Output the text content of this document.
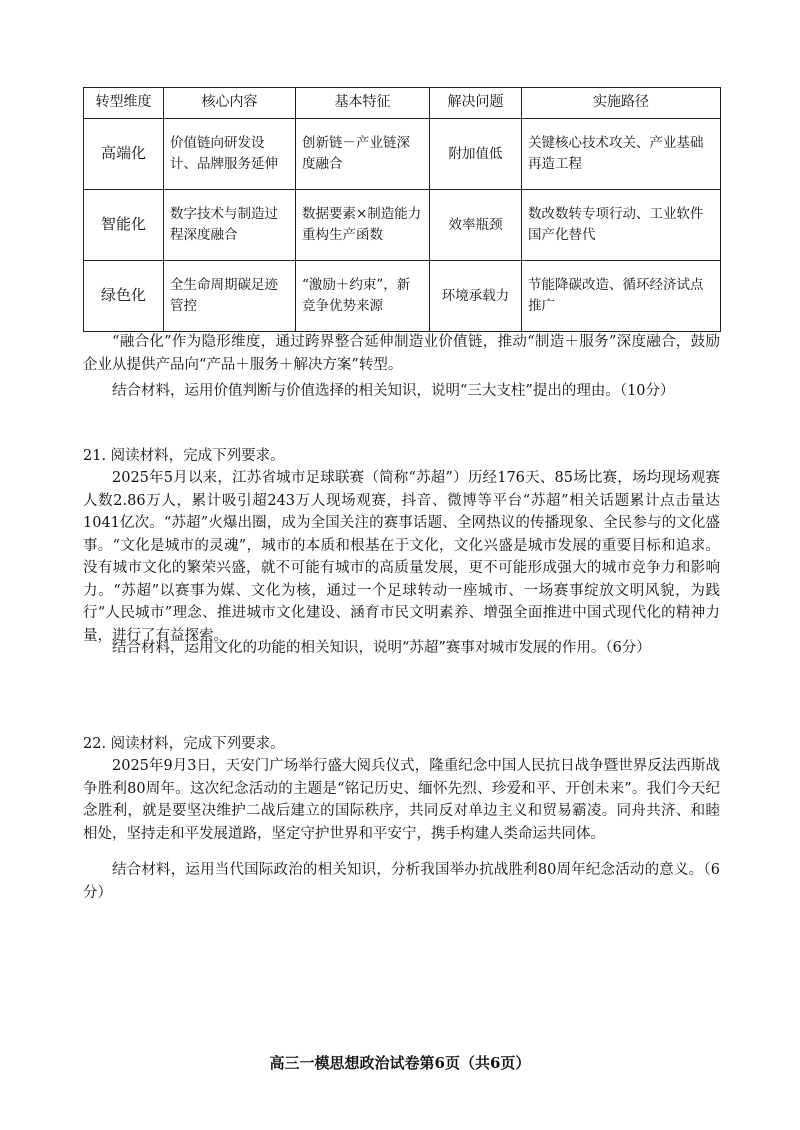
转型维度	核心内容	基本特征	解决问题	实施路径
高端化	价值链向研发设计、品牌服务延伸	创新链－产业链深度融合	附加值低	关键核心技术攻关、产业基础再造工程
智能化	数字技术与制造过程深度融合	数据要素×制造能力重构生产函数	效率瓶颈	数改数转专项行动、工业软件国产化替代
绿色化	全生命周期碳足迹管控	“激励＋约束”，新竞争优势来源	环境承载力	节能降碳改造、循环经济试点推广

“融合化”作为隐形维度，通过跨界整合延伸制造业价值链，推动“制造＋服务”深度融合，鼓励企业从提供产品向“产品＋服务＋解决方案”转型。

结合材料，运用价值判断与价值选择的相关知识，说明“三大支柱”提出的理由。（10分）

21. 阅读材料，完成下列要求。

2025年5月以来，江苏省城市足球联赛（简称“苏超”）历经176天、85场比赛，场均现场观赛人数2.86万人，累计吸引超243万人现场观赛，抖音、微博等平台“苏超”相关话题累计点击量达1041亿次。“苏超”火爆出圈，成为全国关注的赛事话题、全网热议的传播现象、全民参与的文化盛事。“文化是城市的灵魂”，城市的本质和根基在于文化，文化兴盛是城市发展的重要目标和追求。没有城市文化的繁荣兴盛，就不可能有城市的高质量发展，更不可能形成强大的城市竞争力和影响力。“苏超”以赛事为媒、文化为核，通过一个足球转动一座城市、一场赛事绽放文明风貌，为践行“人民城市”理念、推进城市文化建设、涵育市民文明素养、增强全面推进中国式现代化的精神力量，进行了有益探索。

结合材料，运用文化的功能的相关知识，说明“苏超”赛事对城市发展的作用。（6分）

22. 阅读材料，完成下列要求。

2025年9月3日，天安门广场举行盛大阅兵仪式，隆重纪念中国人民抗日战争暨世界反法西斯战争胜利80周年。这次纪念活动的主题是“铭记历史、缅怀先烈、珍爱和平、开创未来”。我们今天纪念胜利，就是要坚决维护二战后建立的国际秩序，共同反对单边主义和贸易霸凌。同舟共济、和睦相处，坚持走和平发展道路，坚定守护世界和平安宁，携手构建人类命运共同体。

结合材料，运用当代国际政治的相关知识，分析我国举办抗战胜利80周年纪念活动的意义。（6分）

高三一模思想政治试卷第6页（共6页）
